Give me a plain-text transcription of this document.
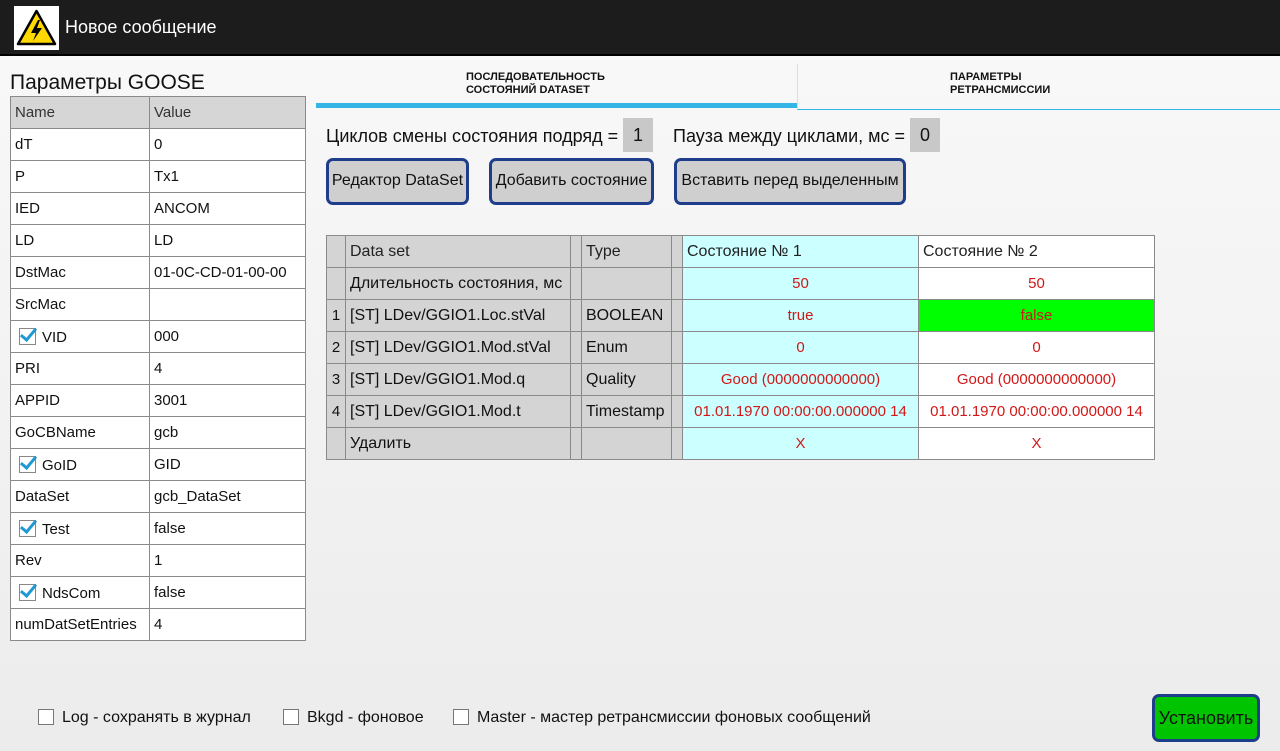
Новое сообщение
Параметры GOOSE
Name	Value
dT	0
P	Tx1
IED	ANCOM
LD	LD
DstMac	01-0C-CD-01-00-00
SrcMac	
VID	000
PRI	4
APPID	3001
GoCBName	gcb
GoID	GID
DataSet	gcb_DataSet
Test	false
Rev	1
NdsCom	false
numDatSetEntries	4
ПОСЛЕДОВАТЕЛЬНОСТЬ
СОСТОЯНИЙ DATASET
ПАРАМЕТРЫ
РЕТРАНСМИССИИ
Циклов смены состояния подряд = 1	Пауза между циклами, мс = 0
Редактор DataSet	Добавить состояние	Вставить перед выделенным
	Data set		Type		Состояние № 1	Состояние № 2
	Длительность состояния, мс				50	50
1	[ST] LDev/GGIO1.Loc.stVal		BOOLEAN		true	false
2	[ST] LDev/GGIO1.Mod.stVal		Enum		0	0
3	[ST] LDev/GGIO1.Mod.q		Quality		Good (0000000000000)	Good (0000000000000)
4	[ST] LDev/GGIO1.Mod.t		Timestamp		01.01.1970 00:00:00.000000 14	01.01.1970 00:00:00.000000 14
	Удалить				X	X
Log - сохранять в журнал	Bkgd - фоновое	Master - мастер ретрансмиссии фоновых сообщений	Установить
